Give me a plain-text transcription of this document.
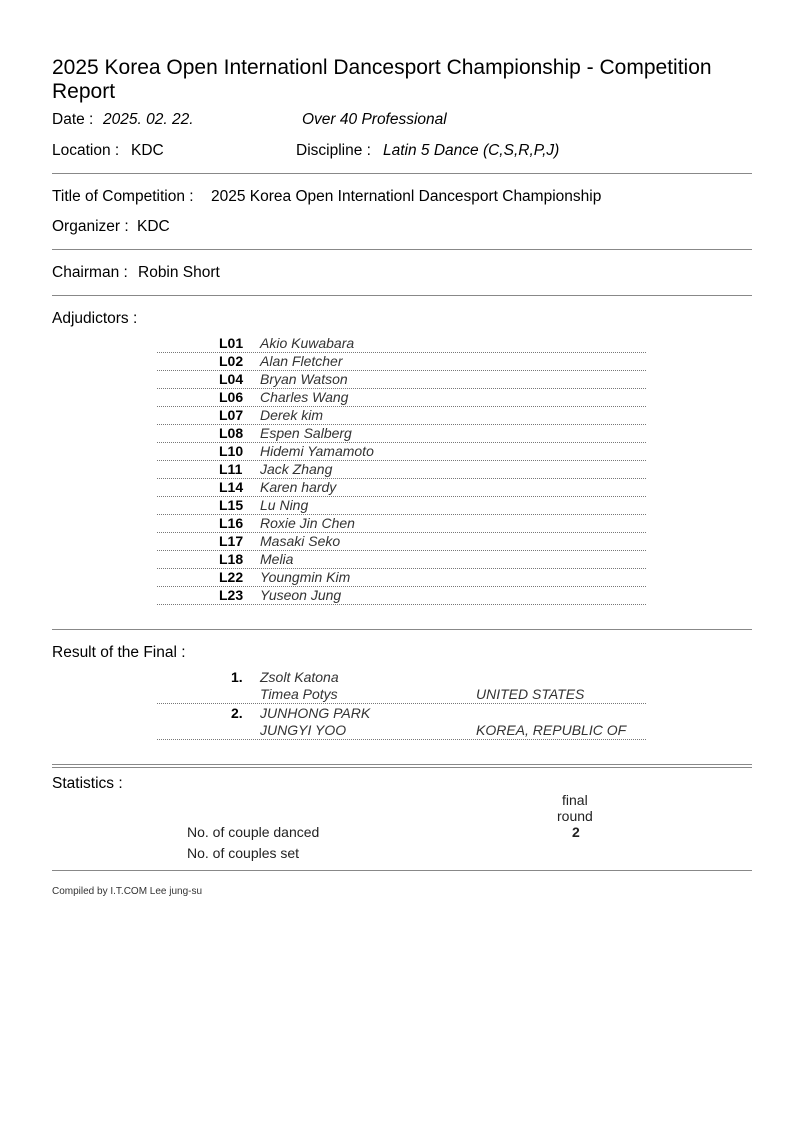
2025 Korea Open Internationl Dancesport Championship - Competition Report
Date : 2025. 02. 22.	Over 40 Professional
Location : KDC	Discipline : Latin 5 Dance (C,S,R,P,J)
Title of Competition : 2025 Korea Open Internationl Dancesport Championship
Organizer : KDC
Chairman : Robin Short
Adjudictors :
L01 Akio Kuwabara
L02 Alan Fletcher
L04 Bryan Watson
L06 Charles Wang
L07 Derek kim
L08 Espen Salberg
L10 Hidemi Yamamoto
L11 Jack Zhang
L14 Karen hardy
L15 Lu Ning
L16 Roxie Jin Chen
L17 Masaki Seko
L18 Melia
L22 Youngmin Kim
L23 Yuseon Jung
Result of the Final :
1. Zsolt Katona
Timea Potys	UNITED STATES
2. JUNHONG PARK
JUNGYI YOO	KOREA, REPUBLIC OF
Statistics :
final
round
No. of couple danced	2
No. of couples set
Compiled by I.T.COM Lee jung-su
